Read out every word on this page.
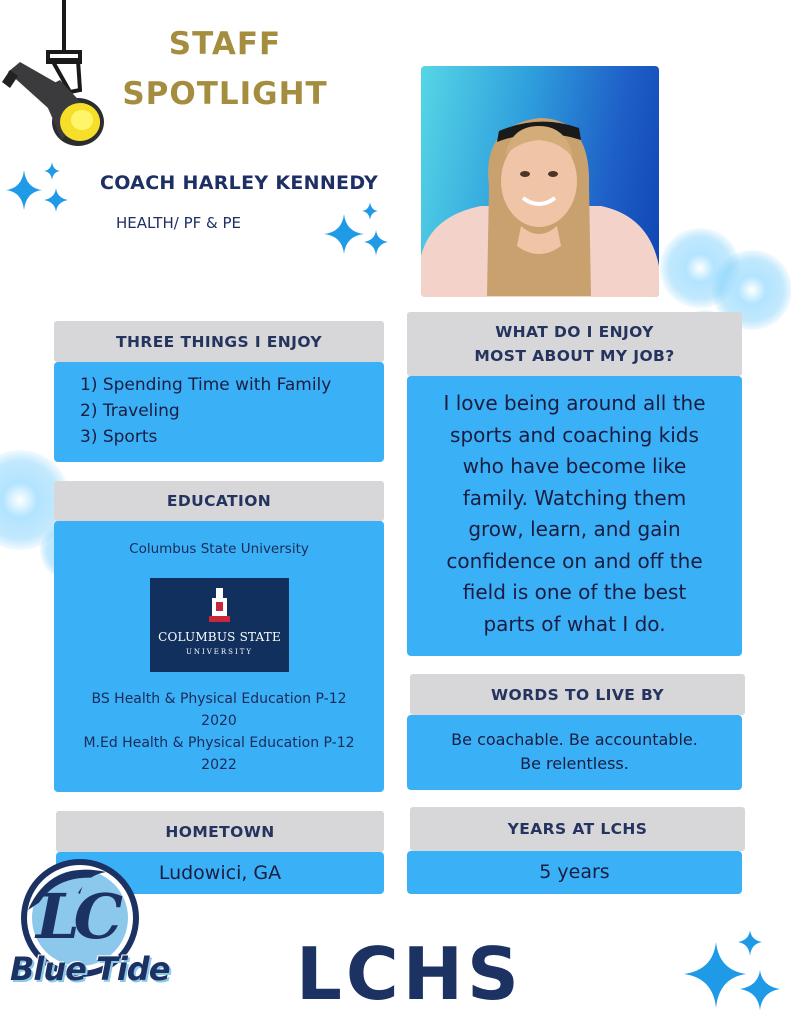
STAFF
SPOTLIGHT
COACH HARLEY KENNEDY
HEALTH/ PF & PE
THREE THINGS I ENJOY
1) Spending Time with Family
2) Traveling
3) Sports
EDUCATION
Columbus State University
COLUMBUS STATE
UNIVERSITY
BS Health & Physical Education P-12
2020
M.Ed Health & Physical Education P-12
2022
WHAT DO I ENJOY
MOST ABOUT MY JOB?
I love being around all the
sports and coaching kids
who have become like
family. Watching them
grow, learn, and gain
confidence on and off the
field is one of the best
parts of what I do.
WORDS TO LIVE BY
Be coachable. Be accountable.
Be relentless.
HOMETOWN
Ludowici, GA
YEARS AT LCHS
5 years
LC
Blue Tide LCHS
